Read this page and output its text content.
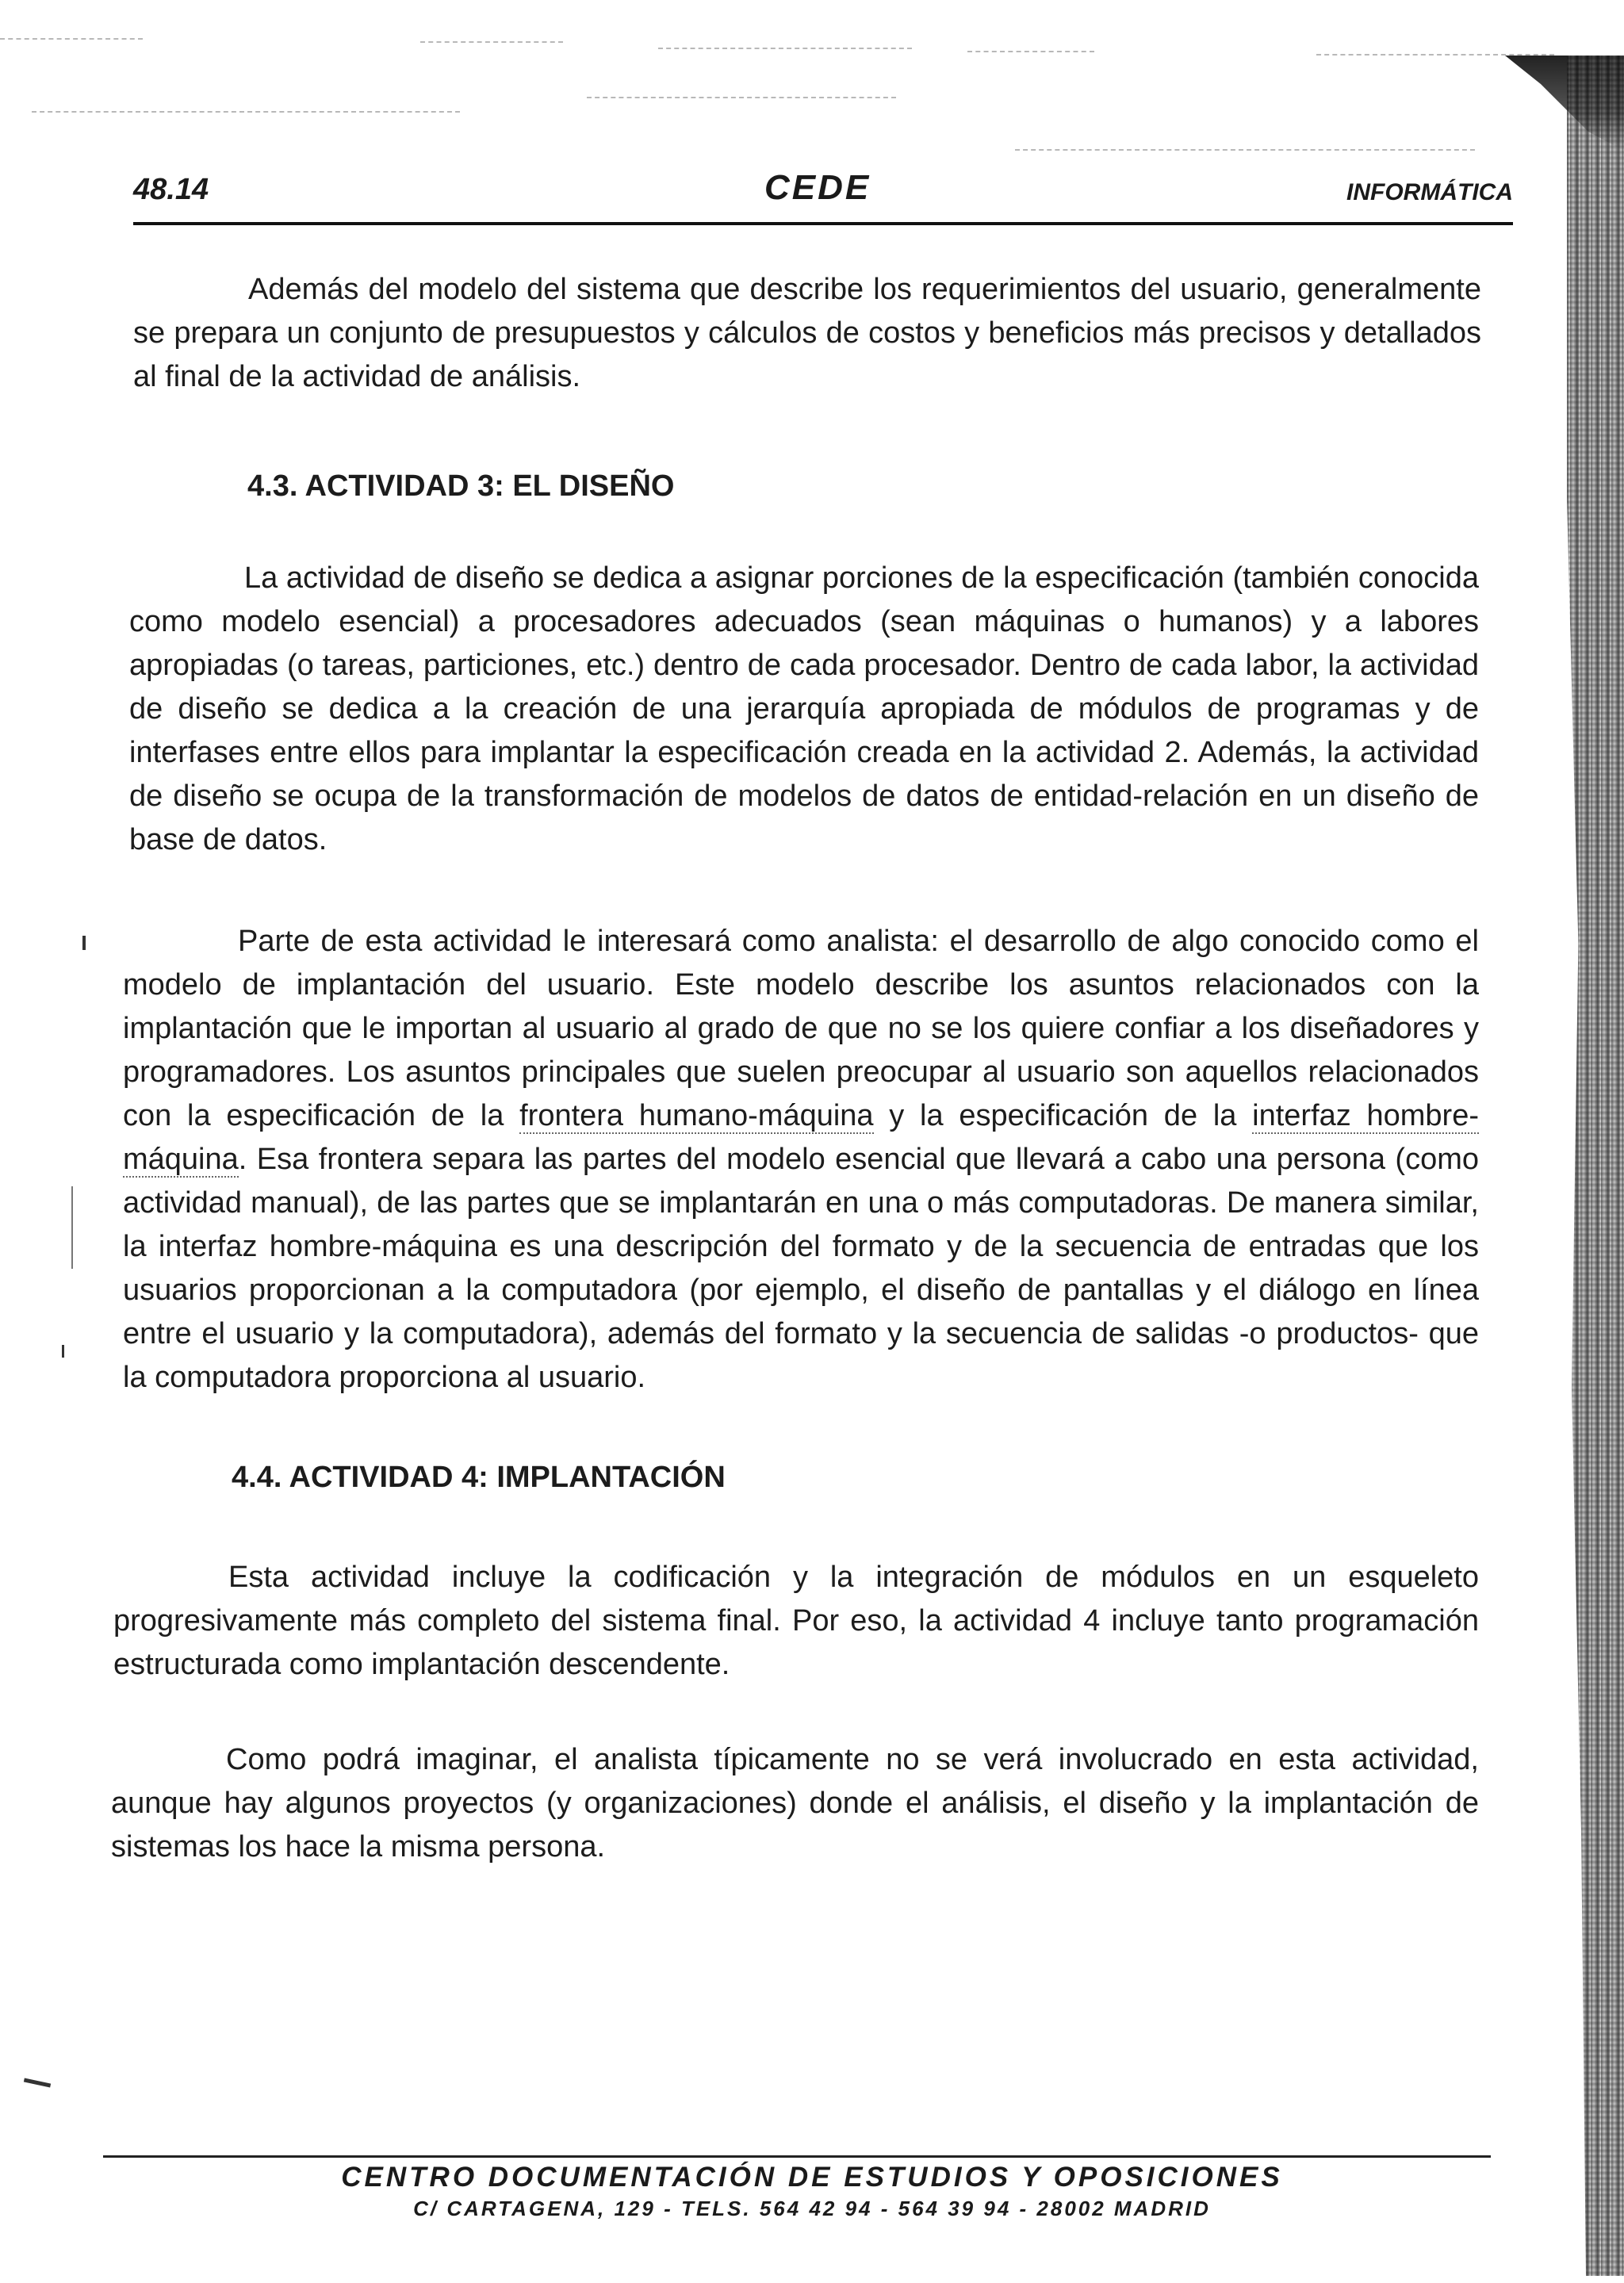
48.14	CEDE	INFORMÁTICA

Además del modelo del sistema que describe los requerimientos del usuario, generalmente se prepara un conjunto de presupuestos y cálculos de costos y beneficios más precisos y detallados al final de la actividad de análisis.

4.3. ACTIVIDAD 3: EL DISEÑO

La actividad de diseño se dedica a asignar porciones de la especificación (también conocida como modelo esencial) a procesadores adecuados (sean máquinas o humanos) y a labores apropiadas (o tareas, particiones, etc.) dentro de cada procesador. Dentro de cada labor, la actividad de diseño se dedica a la creación de una jerarquía apropiada de módulos de programas y de interfases entre ellos para implantar la especificación creada en la actividad 2. Además, la actividad de diseño se ocupa de la transformación de modelos de datos de entidad-relación en un diseño de base de datos.

Parte de esta actividad le interesará como analista: el desarrollo de algo conocido como el modelo de implantación del usuario. Este modelo describe los asuntos relacionados con la implantación que le importan al usuario al grado de que no se los quiere confiar a los diseñadores y programadores. Los asuntos principales que suelen preocupar al usuario son aquellos relacionados con la especificación de la frontera humano-máquina y la especificación de la interfaz hombre-máquina. Esa frontera separa las partes del modelo esencial que llevará a cabo una persona (como actividad manual), de las partes que se implantarán en una o más computadoras. De manera similar, la interfaz hombre-máquina es una descripción del formato y de la secuencia de entradas que los usuarios proporcionan a la computadora (por ejemplo, el diseño de pantallas y el diálogo en línea entre el usuario y la computadora), además del formato y la secuencia de salidas -o productos- que la computadora proporciona al usuario.

4.4. ACTIVIDAD 4: IMPLANTACIÓN

Esta actividad incluye la codificación y la integración de módulos en un esqueleto progresivamente más completo del sistema final. Por eso, la actividad 4 incluye tanto programación estructurada como implantación descendente.

Como podrá imaginar, el analista típicamente no se verá involucrado en esta actividad, aunque hay algunos proyectos (y organizaciones) donde el análisis, el diseño y la implantación de sistemas los hace la misma persona.

CENTRO DOCUMENTACIÓN DE ESTUDIOS Y OPOSICIONES
C/ CARTAGENA, 129 - TELS. 564 42 94 - 564 39 94 - 28002 MADRID
